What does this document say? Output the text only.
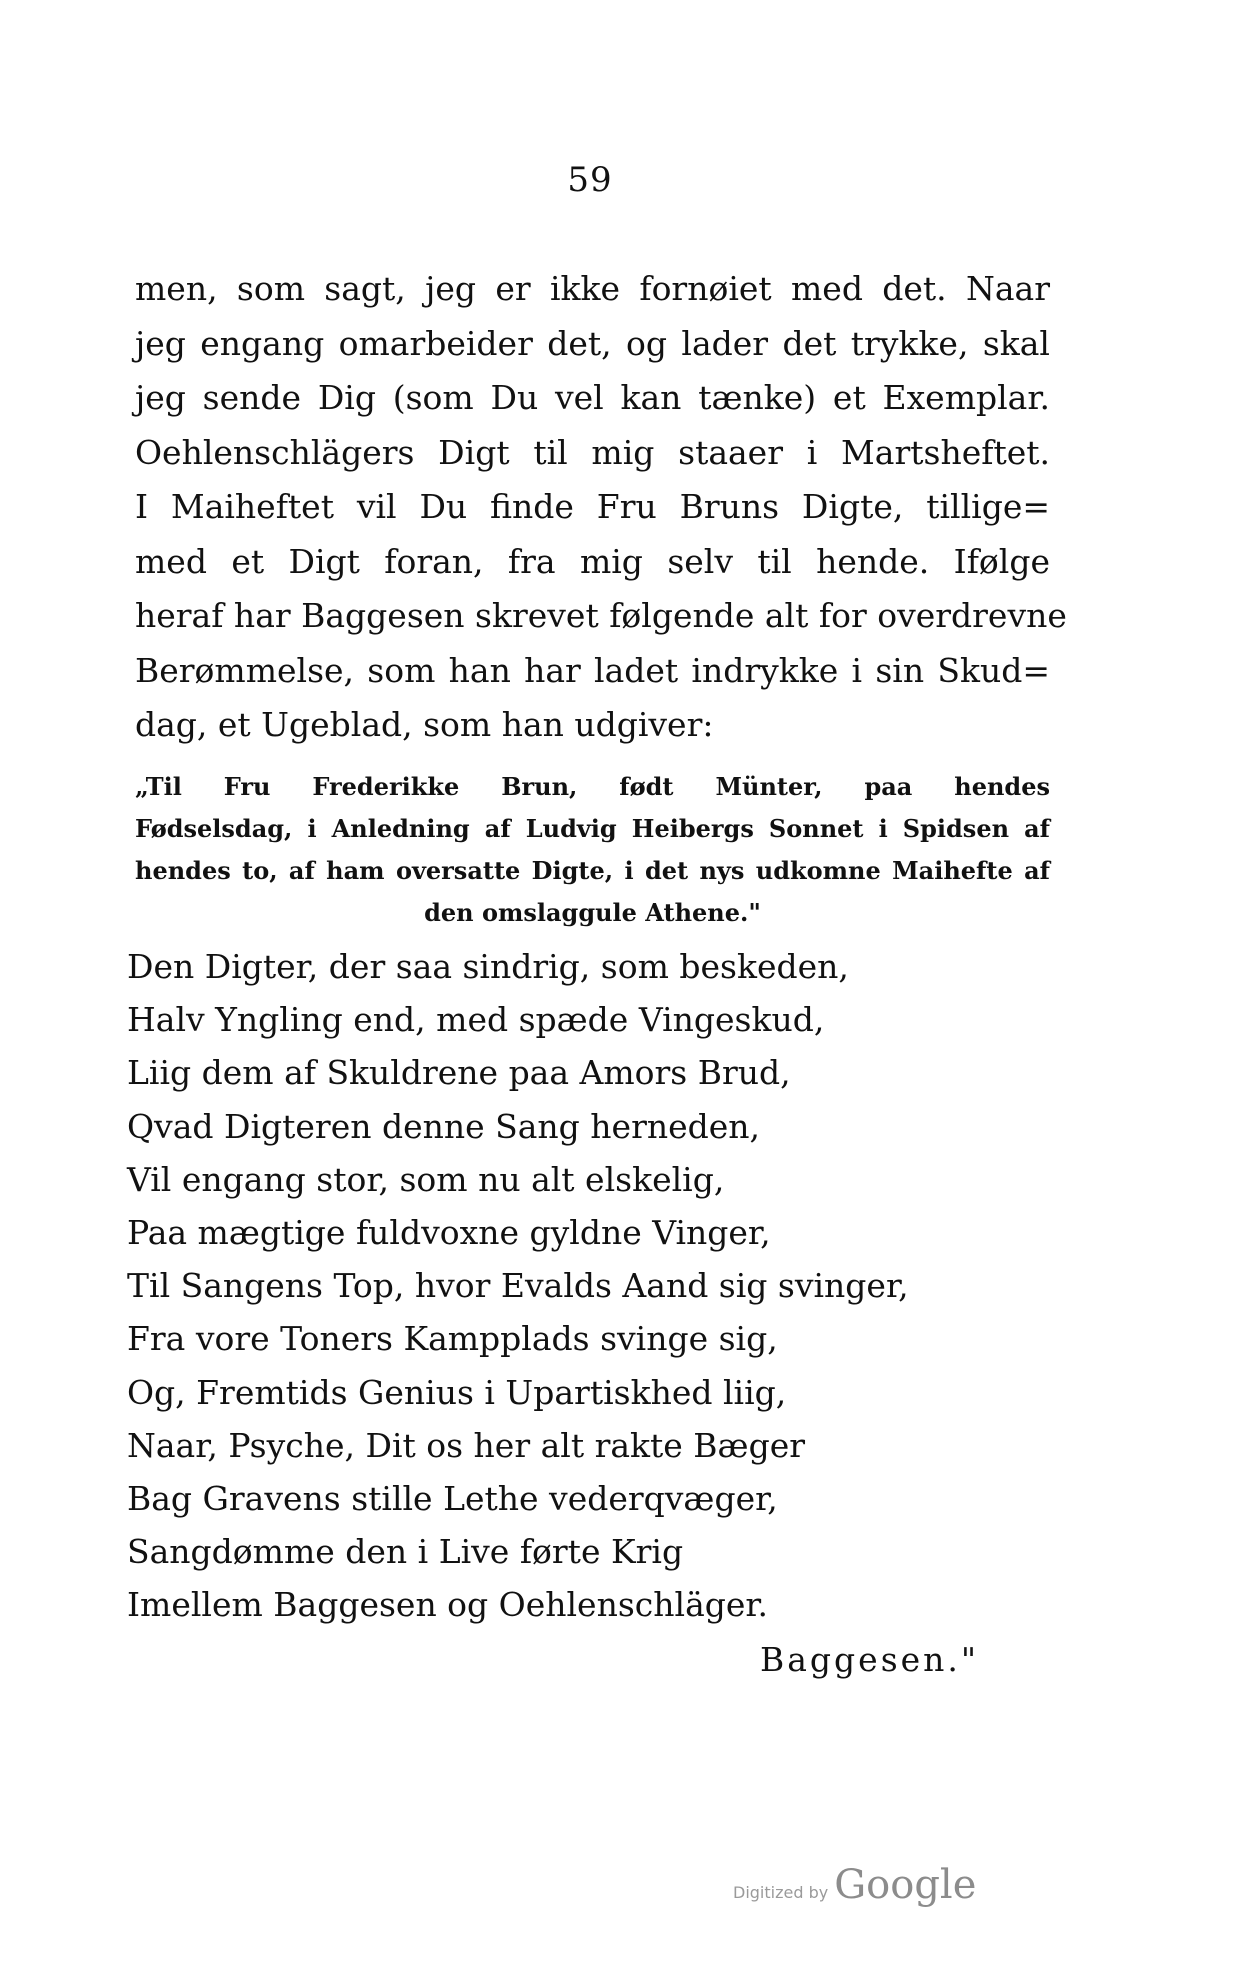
59
men, som sagt, jeg er ikke fornøiet med det. Naar
jeg engang omarbeider det, og lader det trykke, skal
jeg sende Dig (som Du vel kan tænke) et Exemplar.
Oehlenschlägers Digt til mig staaer i Martsheftet.
I Maiheftet vil Du finde Fru Bruns Digte, tillige=
med et Digt foran, fra mig selv til hende. Ifølge
heraf har Baggesen skrevet følgende alt for overdrevne
Berømmelse, som han har ladet indrykke i sin Skud=
dag, et Ugeblad, som han udgiver:
„Til Fru Frederikke Brun, født Münter, paa hendes
Fødselsdag, i Anledning af Ludvig Heibergs Sonnet i Spidsen af
hendes to, af ham oversatte Digte, i det nys udkomne Maihefte af
den omslaggule Athene."
Den Digter, der saa sindrig, som beskeden,
Halv Yngling end, med spæde Vingeskud,
Liig dem af Skuldrene paa Amors Brud,
Qvad Digteren denne Sang herneden,
Vil engang stor, som nu alt elskelig,
Paa mægtige fuldvoxne gyldne Vinger,
Til Sangens Top, hvor Evalds Aand sig svinger,
Fra vore Toners Kampplads svinge sig,
Og, Fremtids Genius i Upartiskhed liig,
Naar, Psyche, Dit os her alt rakte Bæger
Bag Gravens stille Lethe vederqvæger,
Sangdømme den i Live førte Krig
Imellem Baggesen og Oehlenschläger.
Baggesen."
Digitized by Google
